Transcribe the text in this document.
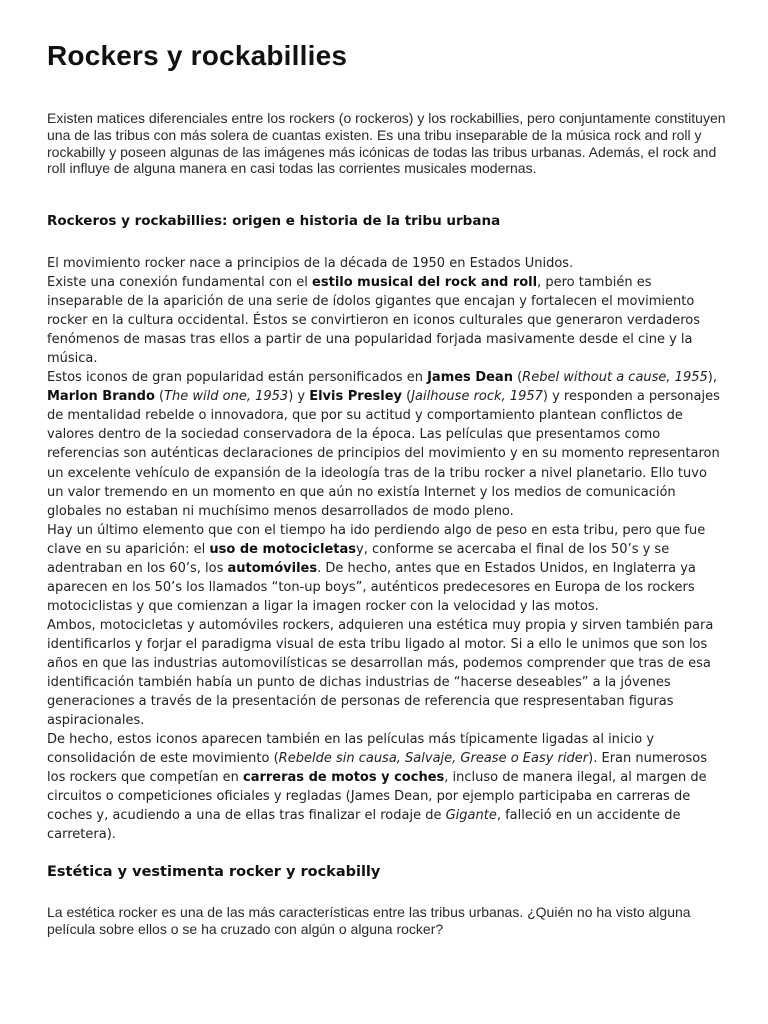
Rockers y rockabillies

Existen matices diferenciales entre los rockers (o rockeros) y los rockabillies, pero conjuntamente constituyen una de las tribus con más solera de cuantas existen. Es una tribu inseparable de la música rock and roll y rockabilly y poseen algunas de las imágenes más icónicas de todas las tribus urbanas. Además, el rock and roll influye de alguna manera en casi todas las corrientes musicales modernas.

Rockeros y rockabillies: origen e historia de la tribu urbana
El movimiento rocker nace a principios de la década de 1950 en Estados Unidos.
Existe una conexión fundamental con el estilo musical del rock and roll, pero también es inseparable de la aparición de una serie de ídolos gigantes que encajan y fortalecen el movimiento rocker en la cultura occidental. Éstos se convirtieron en iconos culturales que generaron verdaderos fenómenos de masas tras ellos a partir de una popularidad forjada masivamente desde el cine y la música.
Estos iconos de gran popularidad están personificados en James Dean (Rebel without a cause, 1955), Marlon Brando (The wild one, 1953) y Elvis Presley (Jailhouse rock, 1957) y responden a personajes de mentalidad rebelde o innovadora, que por su actitud y comportamiento plantean conflictos de valores dentro de la sociedad conservadora de la época. Las películas que presentamos como referencias son auténticas declaraciones de principios del movimiento y en su momento representaron un excelente vehículo de expansión de la ideología tras de la tribu rocker a nivel planetario. Ello tuvo un valor tremendo en un momento en que aún no existía Internet y los medios de comunicación globales no estaban ni muchísimo menos desarrollados de modo pleno.
Hay un último elemento que con el tiempo ha ido perdiendo algo de peso en esta tribu, pero que fue clave en su aparición: el uso de motocicletasy, conforme se acercaba el final de los 50’s y se adentraban en los 60’s, los automóviles. De hecho, antes que en Estados Unidos, en Inglaterra ya aparecen en los 50’s los llamados “ton-up boys”, auténticos predecesores en Europa de los rockers motociclistas y que comienzan a ligar la imagen rocker con la velocidad y las motos.
Ambos, motocicletas y automóviles rockers, adquieren una estética muy propia y sirven también para identificarlos y forjar el paradigma visual de esta tribu ligado al motor. Si a ello le unimos que son los años en que las industrias automovilísticas se desarrollan más, podemos comprender que tras de esa identificación también había un punto de dichas industrias de “hacerse deseables” a la jóvenes generaciones a través de la presentación de personas de referencia que respresentaban figuras aspiracionales.
De hecho, estos iconos aparecen también en las películas más típicamente ligadas al inicio y consolidación de este movimiento (Rebelde sin causa, Salvaje, Grease o Easy rider). Eran numerosos los rockers que competían en carreras de motos y coches, incluso de manera ilegal, al margen de circuitos o competiciones oficiales y regladas (James Dean, por ejemplo participaba en carreras de coches y, acudiendo a una de ellas tras finalizar el rodaje de Gigante, falleció en un accidente de carretera).
Estética y vestimenta rocker y rockabilly

La estética rocker es una de las más características entre las tribus urbanas. ¿Quién no ha visto alguna película sobre ellos o se ha cruzado con algún o alguna rocker?
